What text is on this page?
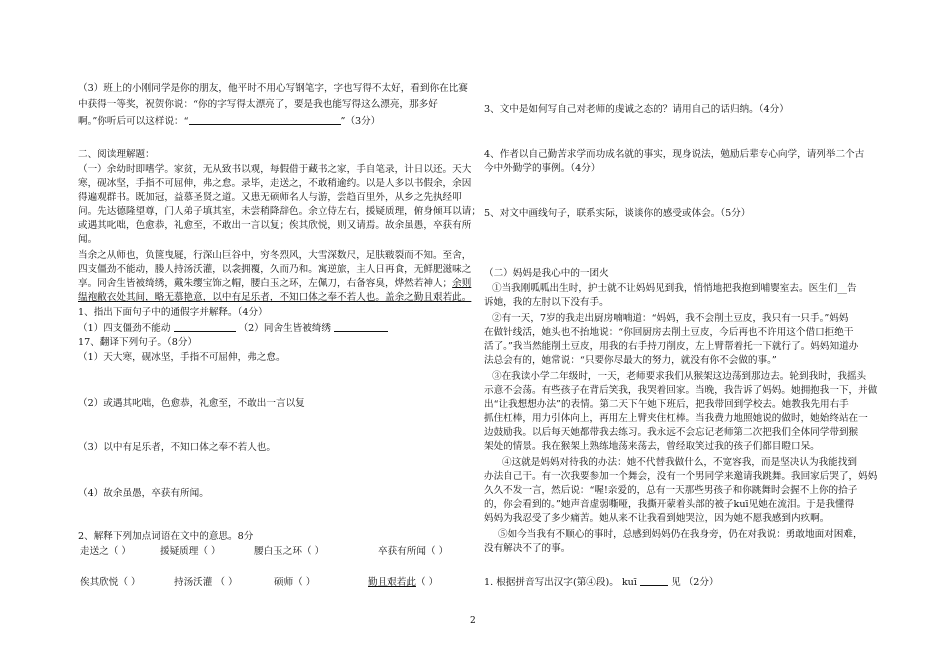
（3）班上的小刚同学是你的朋友，他平时不用心写钢笔字，字也写得不太好，看到你在比赛
中获得一等奖，祝贺你说：“你的字写得太漂亮了，要是我也能写得这么漂亮，那多好
啊。”你听后可以这样说：“	”（3分）
二、阅读理解题：
（一）余幼时即嗜学。家贫，无从致书以观，每假借于藏书之家，手自笔录，计日以还。天大
寒，砚冰坚，手指不可屈伸，弗之怠。录毕，走送之，不敢稍逾约。以是人多以书假余，余因
得遍观群书。既加冠，益慕圣贤之道。又患无硕师名人与游，尝趋百里外，从乡之先执经叩
问。先达德隆望尊，门人弟子填其室，未尝稍降辞色。余立侍左右，援疑质理，俯身倾耳以请；
或遇其叱咄，色愈恭，礼愈至，不敢出一言以复；俟其欣悦，则又请焉。故余虽愚，卒获有所
闻。
当余之从师也，负箧曳屣，行深山巨谷中，穷冬烈风，大雪深数尺，足肤皲裂而不知。至舍，
四支僵劲不能动，媵人持汤沃灌，以衾拥覆，久而乃和。寓逆旅，主人日再食，无鲜肥滋味之
享。同舍生皆被绮绣，戴朱缨宝饰之帽，腰白玉之环，左佩刀，右备容臭，烨然若神人；余则
缊袍敝衣处其间，略无慕艳意，以中有足乐者，不知口体之奉不若人也。盖余之勤且艰若此。
1、指出下面句子中的通假字并解释。（4分）
（1）四支僵劲不能动	（2）同舍生皆被绮绣
17、翻译下列句子。（8分）
（1）天大寒，砚冰坚，手指不可屈伸，弗之怠。
（2）或遇其叱咄，色愈恭，礼愈至，不敢出一言以复
（3）以中有足乐者，不知口体之奉不若人也。
（4）故余虽愚，卒获有所闻。
2、解释下列加点词语在文中的意思。8分
走送之（ ）	援疑质理（ ）	腰白玉之环（ ）	卒获有所闻（ ）
俟其欣悦（ ）	持汤沃灌 （ ）	硕师（ ）	勤且艰若此（ ）
3、文中是如何写自己对老师的虔诚之态的？请用自己的话归纳。（4分）
4、作者以自己勤苦求学而功成名就的事实，现身说法，勉励后辈专心向学，请列举二个古
今中外勤学的事例。（4分）
5、对文中画线句子，联系实际，谈谈你的感受或体会。（5分）
（二）妈妈是我心中的一团火
①当我刚呱呱出生时，护士就不让妈妈见到我，悄悄地把我抱到哺婴室去。医生们__告
诉她，我的左肘以下没有手。
②有一天，7岁的我走出厨房喃喃道：“妈妈，我不会削土豆皮，我只有一只手。”妈妈
在做针线活，她头也不抬地说：“你回厨房去削土豆皮，今后再也不许用这个借口拒绝干
活了。”我当然能削土豆皮，用我的右手持刀削皮，左上臂帮着托一下就行了。妈妈知道办
法总会有的，她常说：“只要你尽最大的努力，就没有你不会做的事。”
③在我读小学二年级时，一天，老师要求我们从猴架这边荡到那边去。轮到我时，我摇头
示意不会荡。有些孩子在背后笑我，我哭着回家。当晚，我告诉了妈妈。她拥抱我一下，并做
出“让我想想办法”的表情。第二天下午她下班后，把我带回到学校去。她教我先用右手
抓住杠棒，用力引体向上，再用左上臂夹住杠棒。当我费力地照她说的做时，她始终站在一
边鼓励我。以后每天她都带我去练习。我永远不会忘记老师第二次把我们全体同学带到猴
架处的情景。我在猴架上熟练地荡来荡去，曾经取笑过我的孩子们都目瞪口呆。
④这就是妈妈对待我的办法：她不代替我做什么，不宽容我，而是坚决认为我能找到
办法自己干。有一次我要参加一个舞会，没有一个男同学来邀请我跳舞。我回家后哭了，妈妈
久久不发一言，然后说：“喔!亲爱的，总有一天那些男孩子和你跳舞时会握不上你的拾子
的，你会看到的。”她声音虚弱嘶哑，我撕开蒙着头部的被子kuī见她在流泪。于是我懂得
妈妈为我忍受了多少痛苦。她从来不让我看到她哭泣，因为她不愿我感到内疚啊。
⑤如今当我有不顺心的事时，总感到妈妈仍在我身旁，仍在对我说：勇敢地面对困难，
没有解决不了的事。
1. 根据拼音写出汉字(第④段)。 kuī	见 （2分）
2
